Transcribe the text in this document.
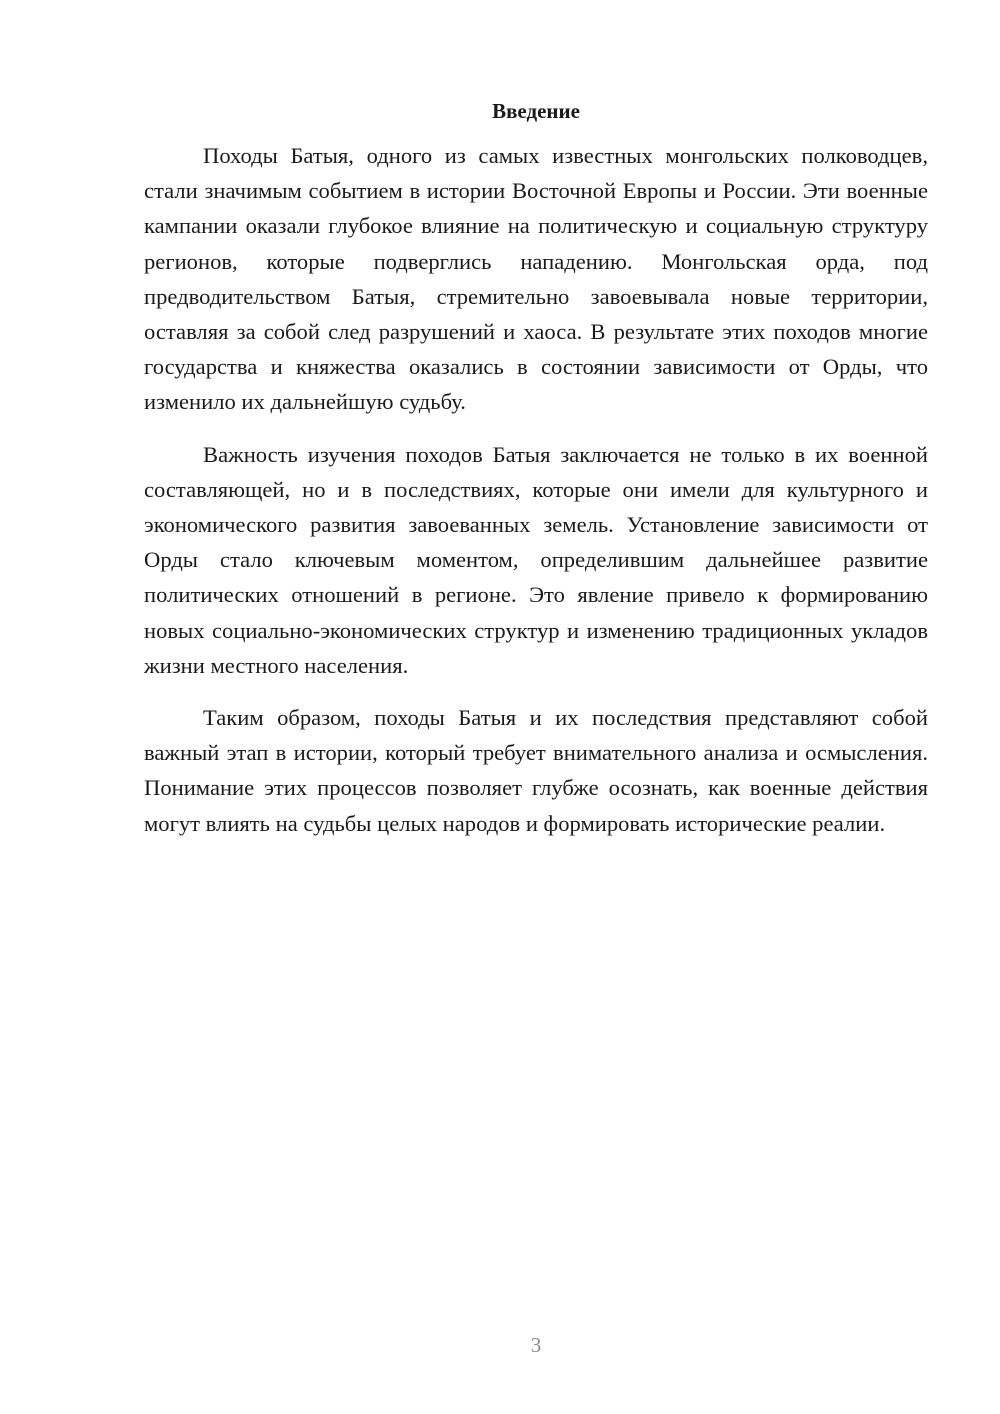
Введение

Походы Батыя, одного из самых известных монгольских полководцев, стали значимым событием в истории Восточной Европы и России. Эти военные кампании оказали глубокое влияние на политическую и социальную структуру регионов, которые подверглись нападению. Монгольская орда, под предводительством Батыя, стремительно завоевывала новые территории, оставляя за собой след разрушений и хаоса. В результате этих походов многие государства и княжества оказались в состоянии зависимости от Орды, что изменило их дальнейшую судьбу.

Важность изучения походов Батыя заключается не только в их военной составляющей, но и в последствиях, которые они имели для культурного и экономического развития завоеванных земель. Установление зависимости от Орды стало ключевым моментом, определившим дальнейшее развитие политических отношений в регионе. Это явление привело к формированию новых социально-экономических структур и изменению традиционных укладов жизни местного населения.

Таким образом, походы Батыя и их последствия представляют собой важный этап в истории, который требует внимательного анализа и осмысления. Понимание этих процессов позволяет глубже осознать, как военные действия могут влиять на судьбы целых народов и формировать исторические реалии.

3
